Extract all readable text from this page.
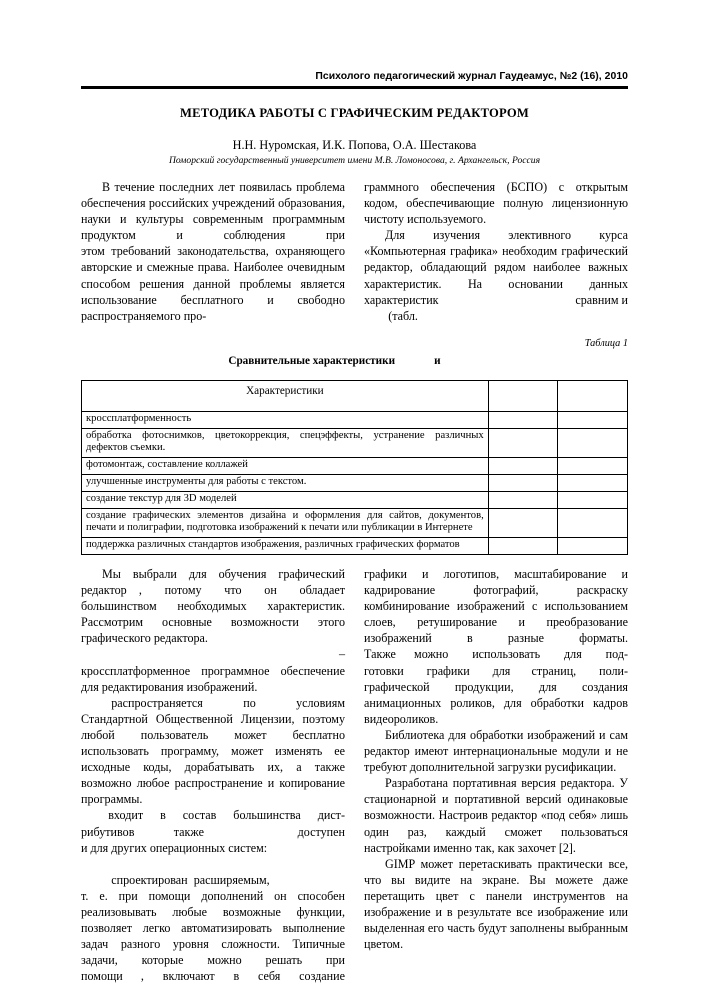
Психолого педагогический журнал Гаудеамус, №2 (16), 2010
МЕТОДИКА РАБОТЫ С ГРАФИЧЕСКИМ РЕДАКТОРОМ
Н.Н. Нуромская, И.К. Попова, О.А. Шестакова
Поморский государственный университет имени М.В. Ломоносова, г. Архангельск, Россия

В течение последних лет появилась проблема обеспечения российских учреждений образования, науки и культуры современным программным продуктом и соблюдения при
этом требований законодательства, охраняющего авторские и смежные права. Наиболее очевидным способом решения данной проблемы является использование бесплатного и свободно распространяемого про-

граммного обеспечения (БСПО) с открытым кодом, обеспечивающие полную лицензионную чистоту используемого.

Для изучения элективного курса «Компьютерная графика» необходим графический редактор, обладающий рядом наиболее важных характеристик. На основании данных
характеристик сравним и
(табл.

Таблица 1
Сравнительные характеристики	и
Характеристики		
кроссплатформенность		
обработка фотоснимков, цветокоррекция, спецэффекты, устранение различных дефектов съемки.		
фотомонтаж, составление коллажей		
улучшенные инструменты для работы с текстом.		
создание текстур для 3D моделей		
создание графических элементов дизайна и оформления для сайтов, документов, печати и полиграфии, подготовка изображений к печати или публикации в Интернете		
поддержка различных стандартов изображения, различных графических форматов		

Мы выбрали для обучения графический
редактор , потому что он обладает
большинством необходимых характеристик. Рассмотрим основные возможности этого графического редактора.

–
кроссплатформенное программное обеспечение для редактирования изображений.

распространяется по условиям
Стандартной Общественной Лицензии
, поэтому любой пользователь может бесплатно использовать программу, может изменять ее исходные коды, дорабатывать их, а также возможно любое распространение и копирование программы.

входит в состав большинства дист-
рибутивов	также доступен
и для других операционных систем:

спроектирован расширяемым,
т. е. при помощи дополнений он способен реализовывать любые возможные функции, позволяет легко автоматизировать выполнение задач разного уровня сложности. Типичные задачи, которые можно решать при
помощи , включают в себя создание

графики и логотипов, масштабирование и кадрирование фотографий, раскраску комбинирование изображений с использованием слоев, ретуширование и преобразование изображений в разные форматы.
Также можно использовать для под-
готовки графики для страниц, поли-
графической продукции, для создания анимационных роликов, для обработки кадров видеороликов.

Библиотека для обработки изображений и сам редактор имеют интернациональные модули и не требуют дополнительной загрузки русификации.

Разработана портативная версия редактора. У стационарной и портативной версий одинаковые возможности. Настроив редактор «под себя» лишь один раз, каждый сможет пользоваться настройками именно так, как захочет [2].

GIMP может перетаскивать практически все, что вы видите на экране. Вы можете даже перетащить цвет с панели инструментов на изображение и в результате все изображение или выделенная его часть будут заполнены выбранным цветом.
